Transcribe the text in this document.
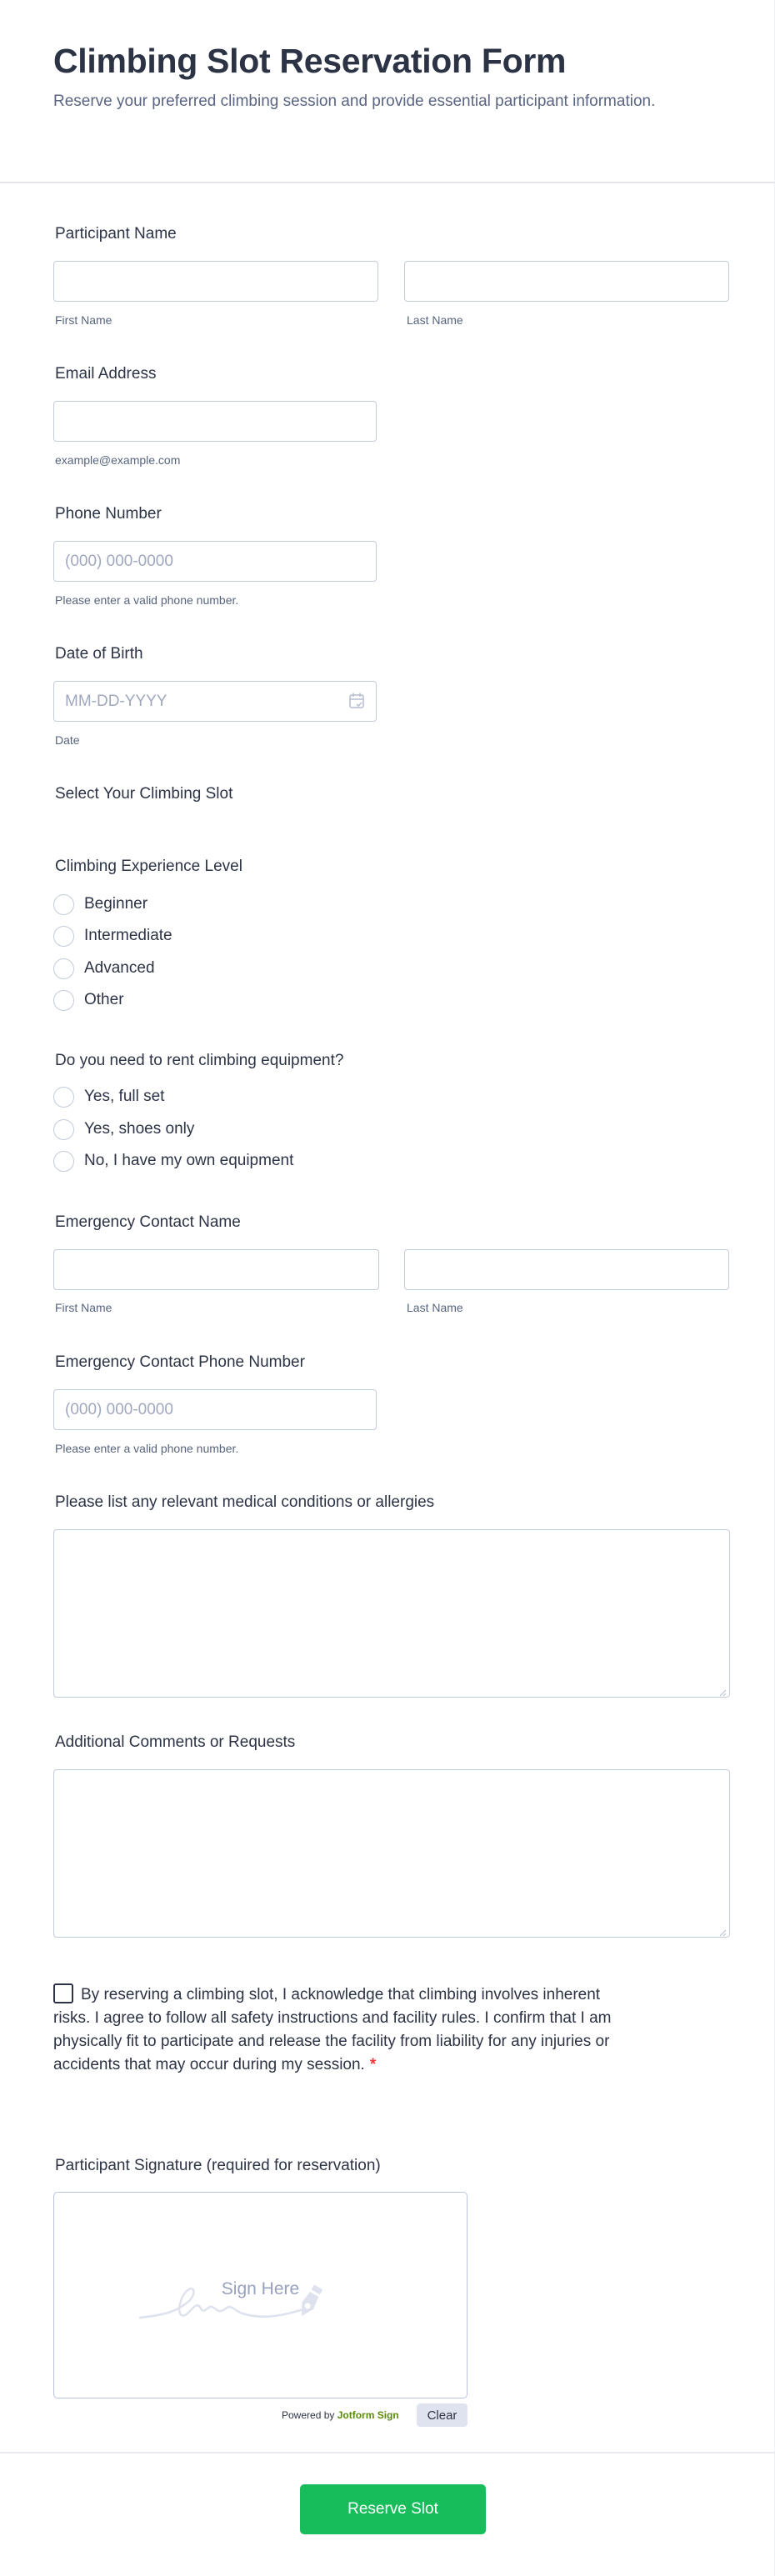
Climbing Slot Reservation Form

Reserve your preferred climbing session and provide essential participant information.

Participant Name
First Name	Last Name
Email Address
example@example.com
Phone Number
(000) 000-0000
Please enter a valid phone number.
Date of Birth
MM-DD-YYYY
Date
Select Your Climbing Slot
Climbing Experience Level
Beginner
Intermediate
Advanced
Other
Do you need to rent climbing equipment?
Yes, full set
Yes, shoes only
No, I have my own equipment
Emergency Contact Name
First Name	Last Name
Emergency Contact Phone Number
(000) 000-0000
Please enter a valid phone number.
Please list any relevant medical conditions or allergies
Additional Comments or Requests
By reserving a climbing slot, I acknowledge that climbing involves inherent risks. I agree to follow all safety instructions and facility rules. I confirm that I am physically fit to participate and release the facility from liability for any injuries or accidents that may occur during my session. *
Participant Signature (required for reservation)
Sign Here
Powered by Jotform Sign	Clear
Reserve Slot
